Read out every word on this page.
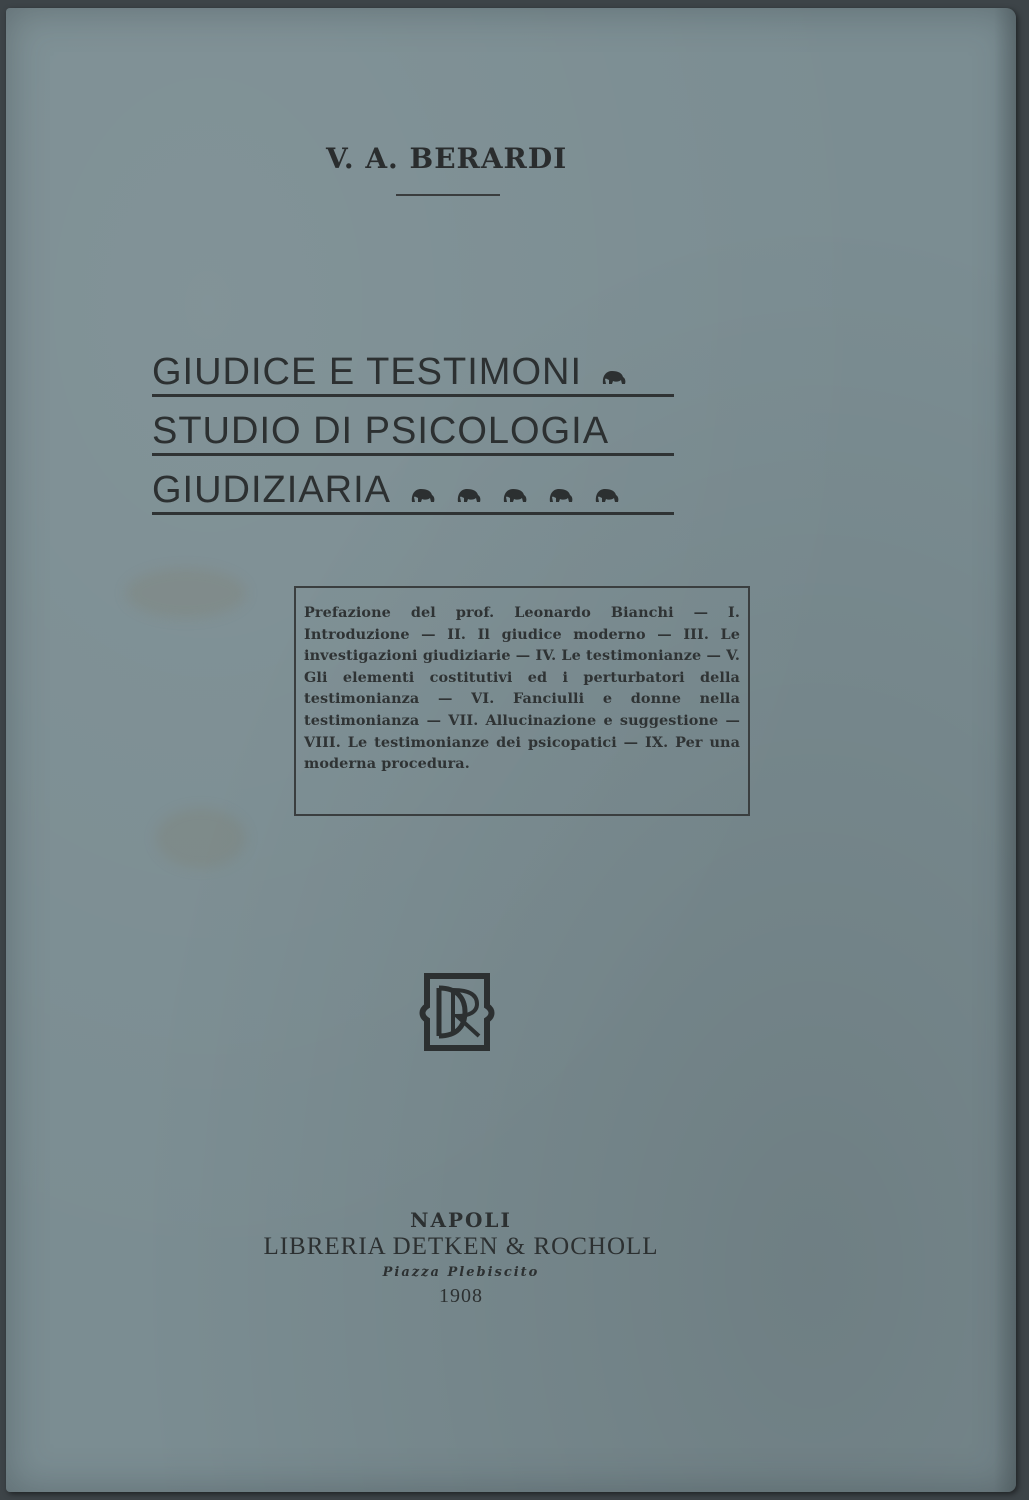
V. A. BERARDI
GIUDICE E TESTIMONI
STUDIO DI PSICOLOGIA
GIUDIZIARIA
Prefazione del prof. Leonardo Bianchi — I. Introduzione — II. Il giudice moderno — III. Le investigazioni giudiziarie — IV. Le testimonianze — V. Gli elementi costitutivi ed i perturbatori della testimonianza — VI. Fanciulli e donne nella testimonianza — VII. Allucinazione e suggestione — VIII. Le testimonianze dei psicopatici — IX. Per una moderna procedura.
NAPOLI
LIBRERIA DETKEN & ROCHOLL
Piazza Plebiscito
1908
